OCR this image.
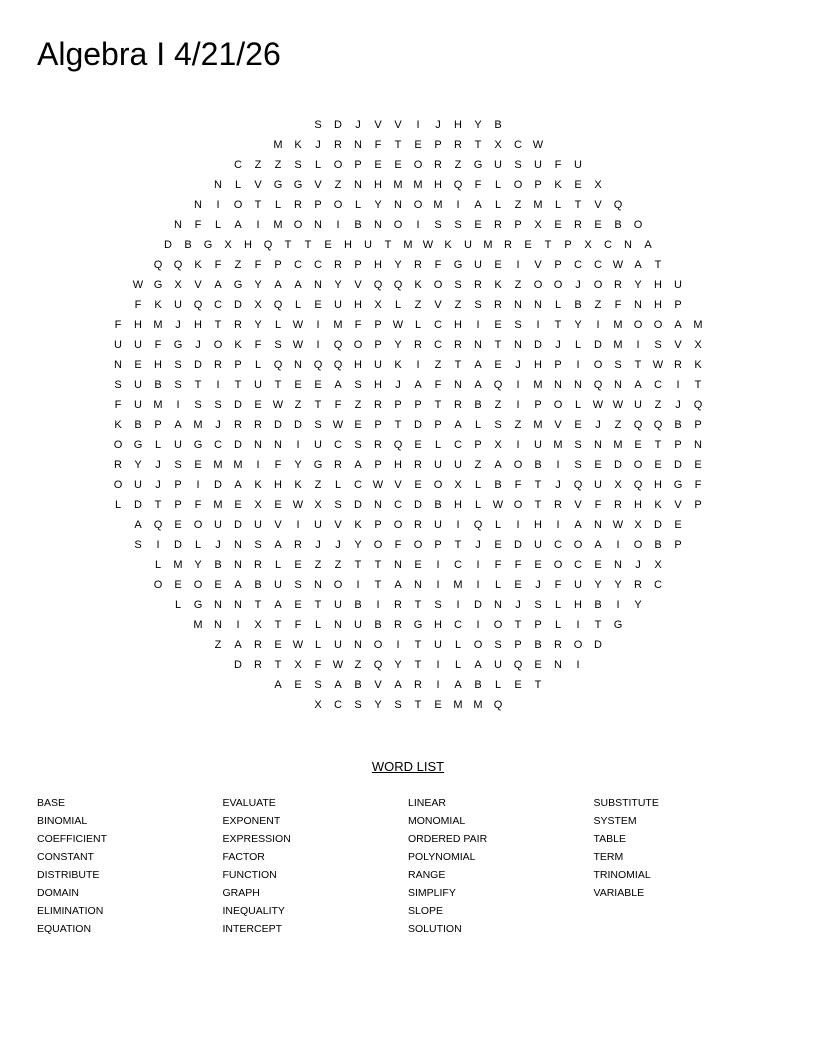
Algebra I 4/21/26
S	D	J	V	V	I	J	H	Y	B
M	K	J	R	N	F	T	E	P	R	T	X	C W
C	Z	Z	S	L	O	P	E	E	O	R	Z	G	U	S	U	F	U
N	L	V	G	G	V	Z	N	H	M M	H	Q	F	L	O	P	K	E	X
N	I	O	T	L	R	P	O	L	Y	N	O	M	I	A	L	Z	M	L	T	V	Q
N	F	L	A	I	M	O	N	I	B	N	O	I	S	S	E	R	P	X	E	R	E	B	O
D	B	G	X	H	Q	T	T	E	H	U	T	M W	K	U	M	R	E	T	P	X	C	N	A
Q	Q	K	F	Z	F	P	C	C	R	P	H	Y	R	F	G	U	E	I	V	P	C	C W	A	T
W G	X	V	A	G	Y	A	A	N	Y	V	Q	Q	K	O	S	R	K	Z	O	O	J	O	R	Y	H	U
F	K	U	Q	C	D	X	Q	L	E	U	H	X	L	Z	V	Z	S	R	N	N	L	B	Z	F	N	H	P
F	H	M	J	H	T	R	Y	L	W	I	M	F	P	W	L	C	H	I	E	S	I	T	Y	I	M	O	O	A	M
U	U	F	G	J	O	K	F	S	W	I	Q	O	P	Y	R	C	R	N	T	N	D	J	L	D	M	I	S	V	X
N	E	H	S	D	R	P	L	Q	N	Q	Q	H	U	K	I	Z	T	A	E	J	H	P	I	O	S	T	W R	K
S	U	B	S	T	I	T	U	T	E	E	A	S	H	J	A	F	N	A	Q	I	M	N	N	Q	N	A	C	I	T
F	U	M	I	S	S	D	E	W	Z	T	F	Z	R	P	P	T	R	B	Z	I	P	O	L	W W U	Z	J	Q
K	B	P	A	M	J	R	R	D	D	S	W	E	P	T	D	P	A	L	S	Z	M	V	E	J	Z	Q	Q	B	P
O	G	L	U	G	C	D	N	N	I	U	C	S	R	Q	E	L	C	P	X	I	U	M	S	N	M	E	T	P	N
R	Y	J	S	E	M M	I	F	Y	G	R	A	P	H	R	U	U	Z	A	O	B	I	S	E	D	O	E	D	E
O	U	J	P	I	D	A	K	H	K	Z	L	C W	V	E	O	X	L	B	F	T	J	Q	U	X	Q	H	G	F
L	D	T	P	F	M	E	X	E	W	X	S	D	N	C	D	B	H	L	W O	T	R	V	F	R	H	K	V	P
A	Q	E	O	U	D	U	V	I	U	V	K	P	O	R	U	I	Q	L	I	H	I	A	N W	X	D	E
S	I	D	L	J	N	S	A	R	J	J	Y	O	F	O	P	T	J	E	D	U	C	O	A	I	O	B	P
L	M	Y	B	N	R	L	E	Z	Z	T	T	N	E	I	C	I	F	F	E	O	C	E	N	J	X
O	E	O	E	A	B	U	S	N	O	I	T	A	N	I	M	I	L	E	J	F	U	Y	Y	R	C
L	G	N	N	T	A	E	T	U	B	I	R	T	S	I	D	N	J	S	L	H	B	I	Y
M	N	I	X	T	F	L	N	U	B	R	G	H	C	I	O	T	P	L	I	T	G
Z	A	R	E	W	L	U	N	O	I	T	U	L	O	S	P	B	R	O	D
D	R	T	X	F	W	Z	Q	Y	T	I	L	A	U	Q	E	N	I
A	E	S	A	B	V	A	R	I	A	B	L	E	T
X	C	S	Y	S	T	E	M M	Q
WORD LIST
BASE
BINOMIAL
COEFFICIENT
CONSTANT
DISTRIBUTE
DOMAIN
ELIMINATION
EQUATION
EVALUATE
EXPONENT
EXPRESSION
FACTOR
FUNCTION
GRAPH
INEQUALITY
INTERCEPT
LINEAR
MONOMIAL
ORDERED PAIR
POLYNOMIAL
RANGE
SIMPLIFY
SLOPE
SOLUTION
SUBSTITUTE
SYSTEM
TABLE
TERM
TRINOMIAL
VARIABLE
